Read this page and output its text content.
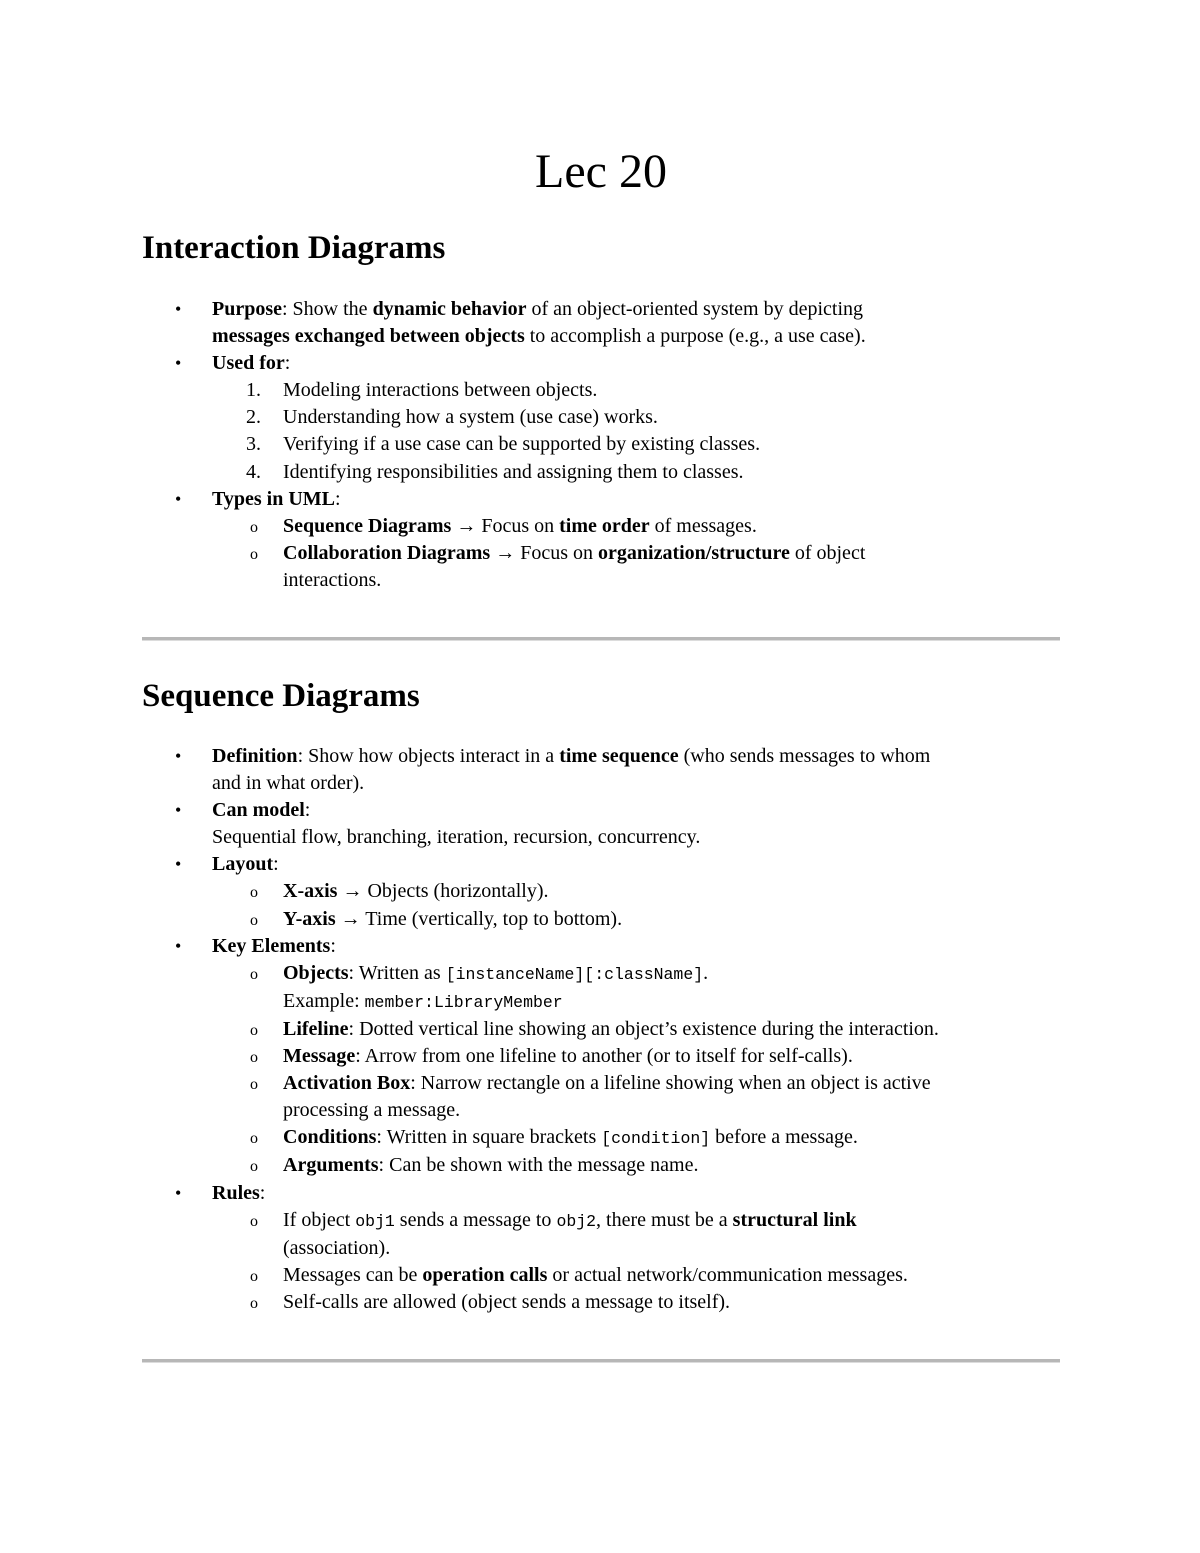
Lec 20
Interaction Diagrams
• Purpose: Show the dynamic behavior of an object-oriented system by depicting
messages exchanged between objects to accomplish a purpose (e.g., a use case).
• Used for:
1. Modeling interactions between objects.
2. Understanding how a system (use case) works.
3. Verifying if a use case can be supported by existing classes.
4. Identifying responsibilities and assigning them to classes.
• Types in UML:
o Sequence Diagrams → Focus on time order of messages.
o Collaboration Diagrams → Focus on organization/structure of object
interactions.
Sequence Diagrams
• Definition: Show how objects interact in a time sequence (who sends messages to whom
and in what order).
• Can model:
Sequential flow, branching, iteration, recursion, concurrency.
• Layout:
o X-axis → Objects (horizontally).
o Y-axis → Time (vertically, top to bottom).
• Key Elements:
o Objects: Written as [instanceName][:className].
Example: member:LibraryMember
o Lifeline: Dotted vertical line showing an object’s existence during the interaction.
o Message: Arrow from one lifeline to another (or to itself for self-calls).
o Activation Box: Narrow rectangle on a lifeline showing when an object is active
processing a message.
o Conditions: Written in square brackets [condition] before a message.
o Arguments: Can be shown with the message name.
• Rules:
o If object obj1 sends a message to obj2, there must be a structural link
(association).
o Messages can be operation calls or actual network/communication messages.
o Self-calls are allowed (object sends a message to itself).
